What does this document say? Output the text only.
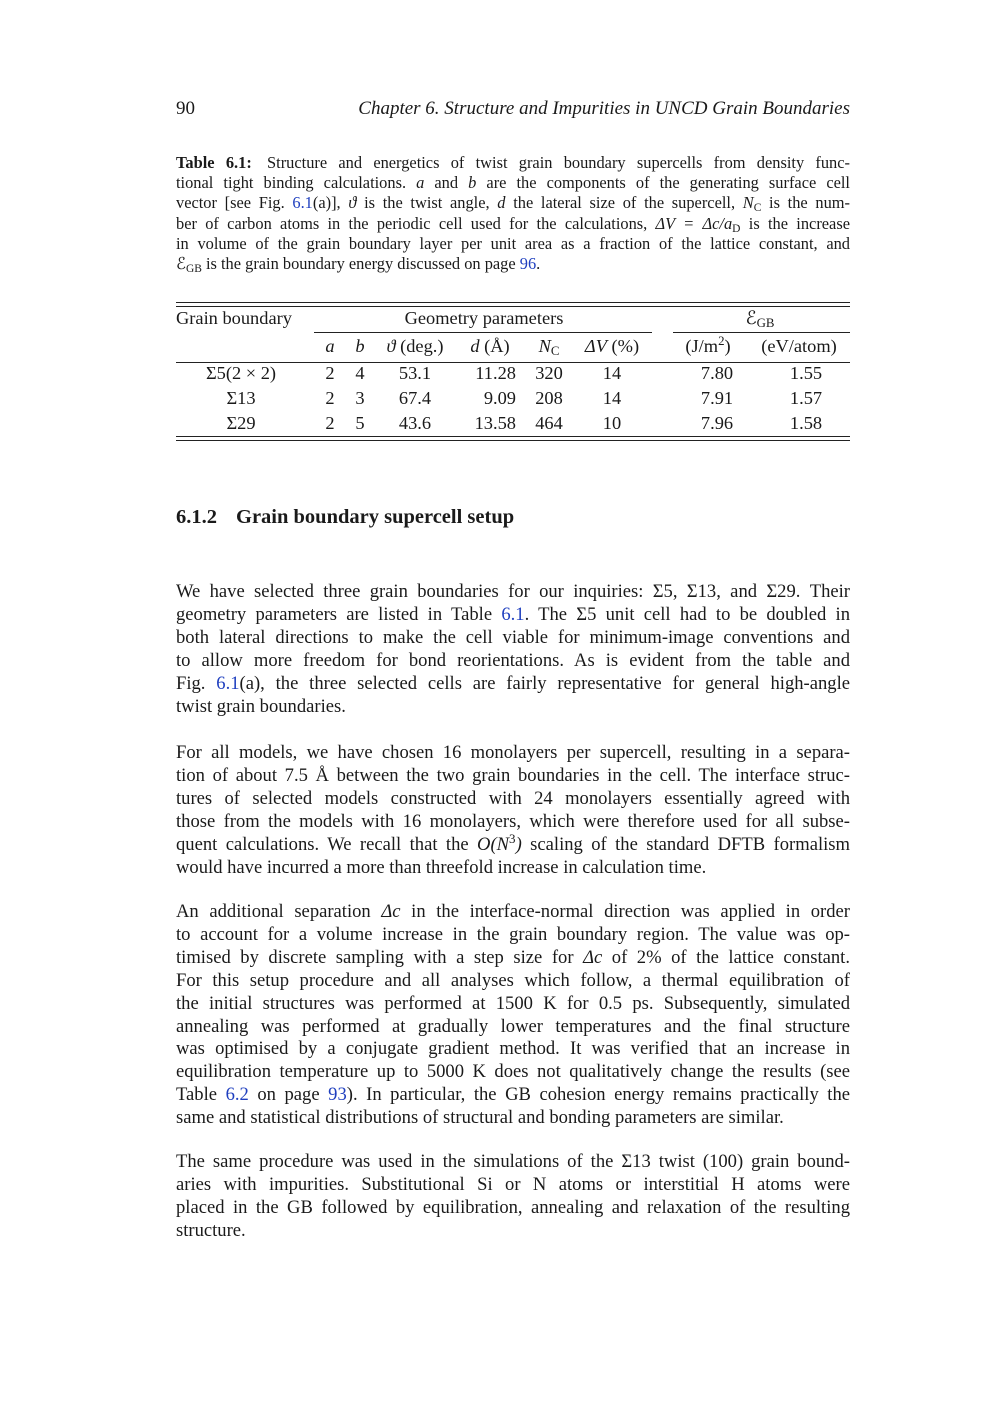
90	Chapter 6. Structure and Impurities in UNCD Grain Boundaries
Table 6.1: Structure and energetics of twist grain boundary supercells from density func-
tional tight binding calculations. a and b are the components of the generating surface cell
vector [see Fig. 6.1(a)], ϑ is the twist angle, d the lateral size of the supercell, $N_C$ is the num-
ber of carbon atoms in the periodic cell used for the calculations, $\Delta V = \Delta c/a_D$ is the increase
in volume of the grain boundary layer per unit area as a fraction of the lattice constant, and
ℰ$_{GB}$ is the grain boundary energy discussed on page 96.
Grain boundary	Geometry parameters	ℰ$_{GB}$
a b ϑ (deg.) d (Å) $N_C$ ΔV (%)	$(J/m^2)$ (eV/atom)
Σ5(2 × 2)	2 4 53.1 11.28 320 14	7.80	1.55
Σ13	2 3 67.4	9.09 208 14	7.91	1.57
Σ29	2 5 43.6 13.58 464 10	7.96	1.58
6.1.2 Grain boundary supercell setup
We have selected three grain boundaries for our inquiries: Σ5, Σ13, and Σ29. Their
geometry parameters are listed in Table 6.1. The Σ5 unit cell had to be doubled in
both lateral directions to make the cell viable for minimum-image conventions and
to allow more freedom for bond reorientations. As is evident from the table and
Fig. 6.1(a), the three selected cells are fairly representative for general high-angle
twist grain boundaries.
For all models, we have chosen 16 monolayers per supercell, resulting in a separa-
tion of about 7.5 Å between the two grain boundaries in the cell. The interface struc-
tures of selected models constructed with 24 monolayers essentially agreed with
those from the models with 16 monolayers, which were therefore used for all subse-
quent calculations. We recall that the $O(N^3)$ scaling of the standard DFTB formalism
would have incurred a more than threefold increase in calculation time.
An additional separation Δc in the interface-normal direction was applied in order
to account for a volume increase in the grain boundary region. The value was op-
timised by discrete sampling with a step size for Δc of 2% of the lattice constant.
For this setup procedure and all analyses which follow, a thermal equilibration of
the initial structures was performed at 1500 K for 0.5 ps. Subsequently, simulated
annealing was performed at gradually lower temperatures and the final structure
was optimised by a conjugate gradient method. It was verified that an increase in
equilibration temperature up to 5000 K does not qualitatively change the results (see
Table 6.2 on page 93). In particular, the GB cohesion energy remains practically the
same and statistical distributions of structural and bonding parameters are similar.
The same procedure was used in the simulations of the Σ13 twist (100) grain bound-
aries with impurities. Substitutional Si or N atoms or interstitial H atoms were
placed in the GB followed by equilibration, annealing and relaxation of the resulting
structure.
